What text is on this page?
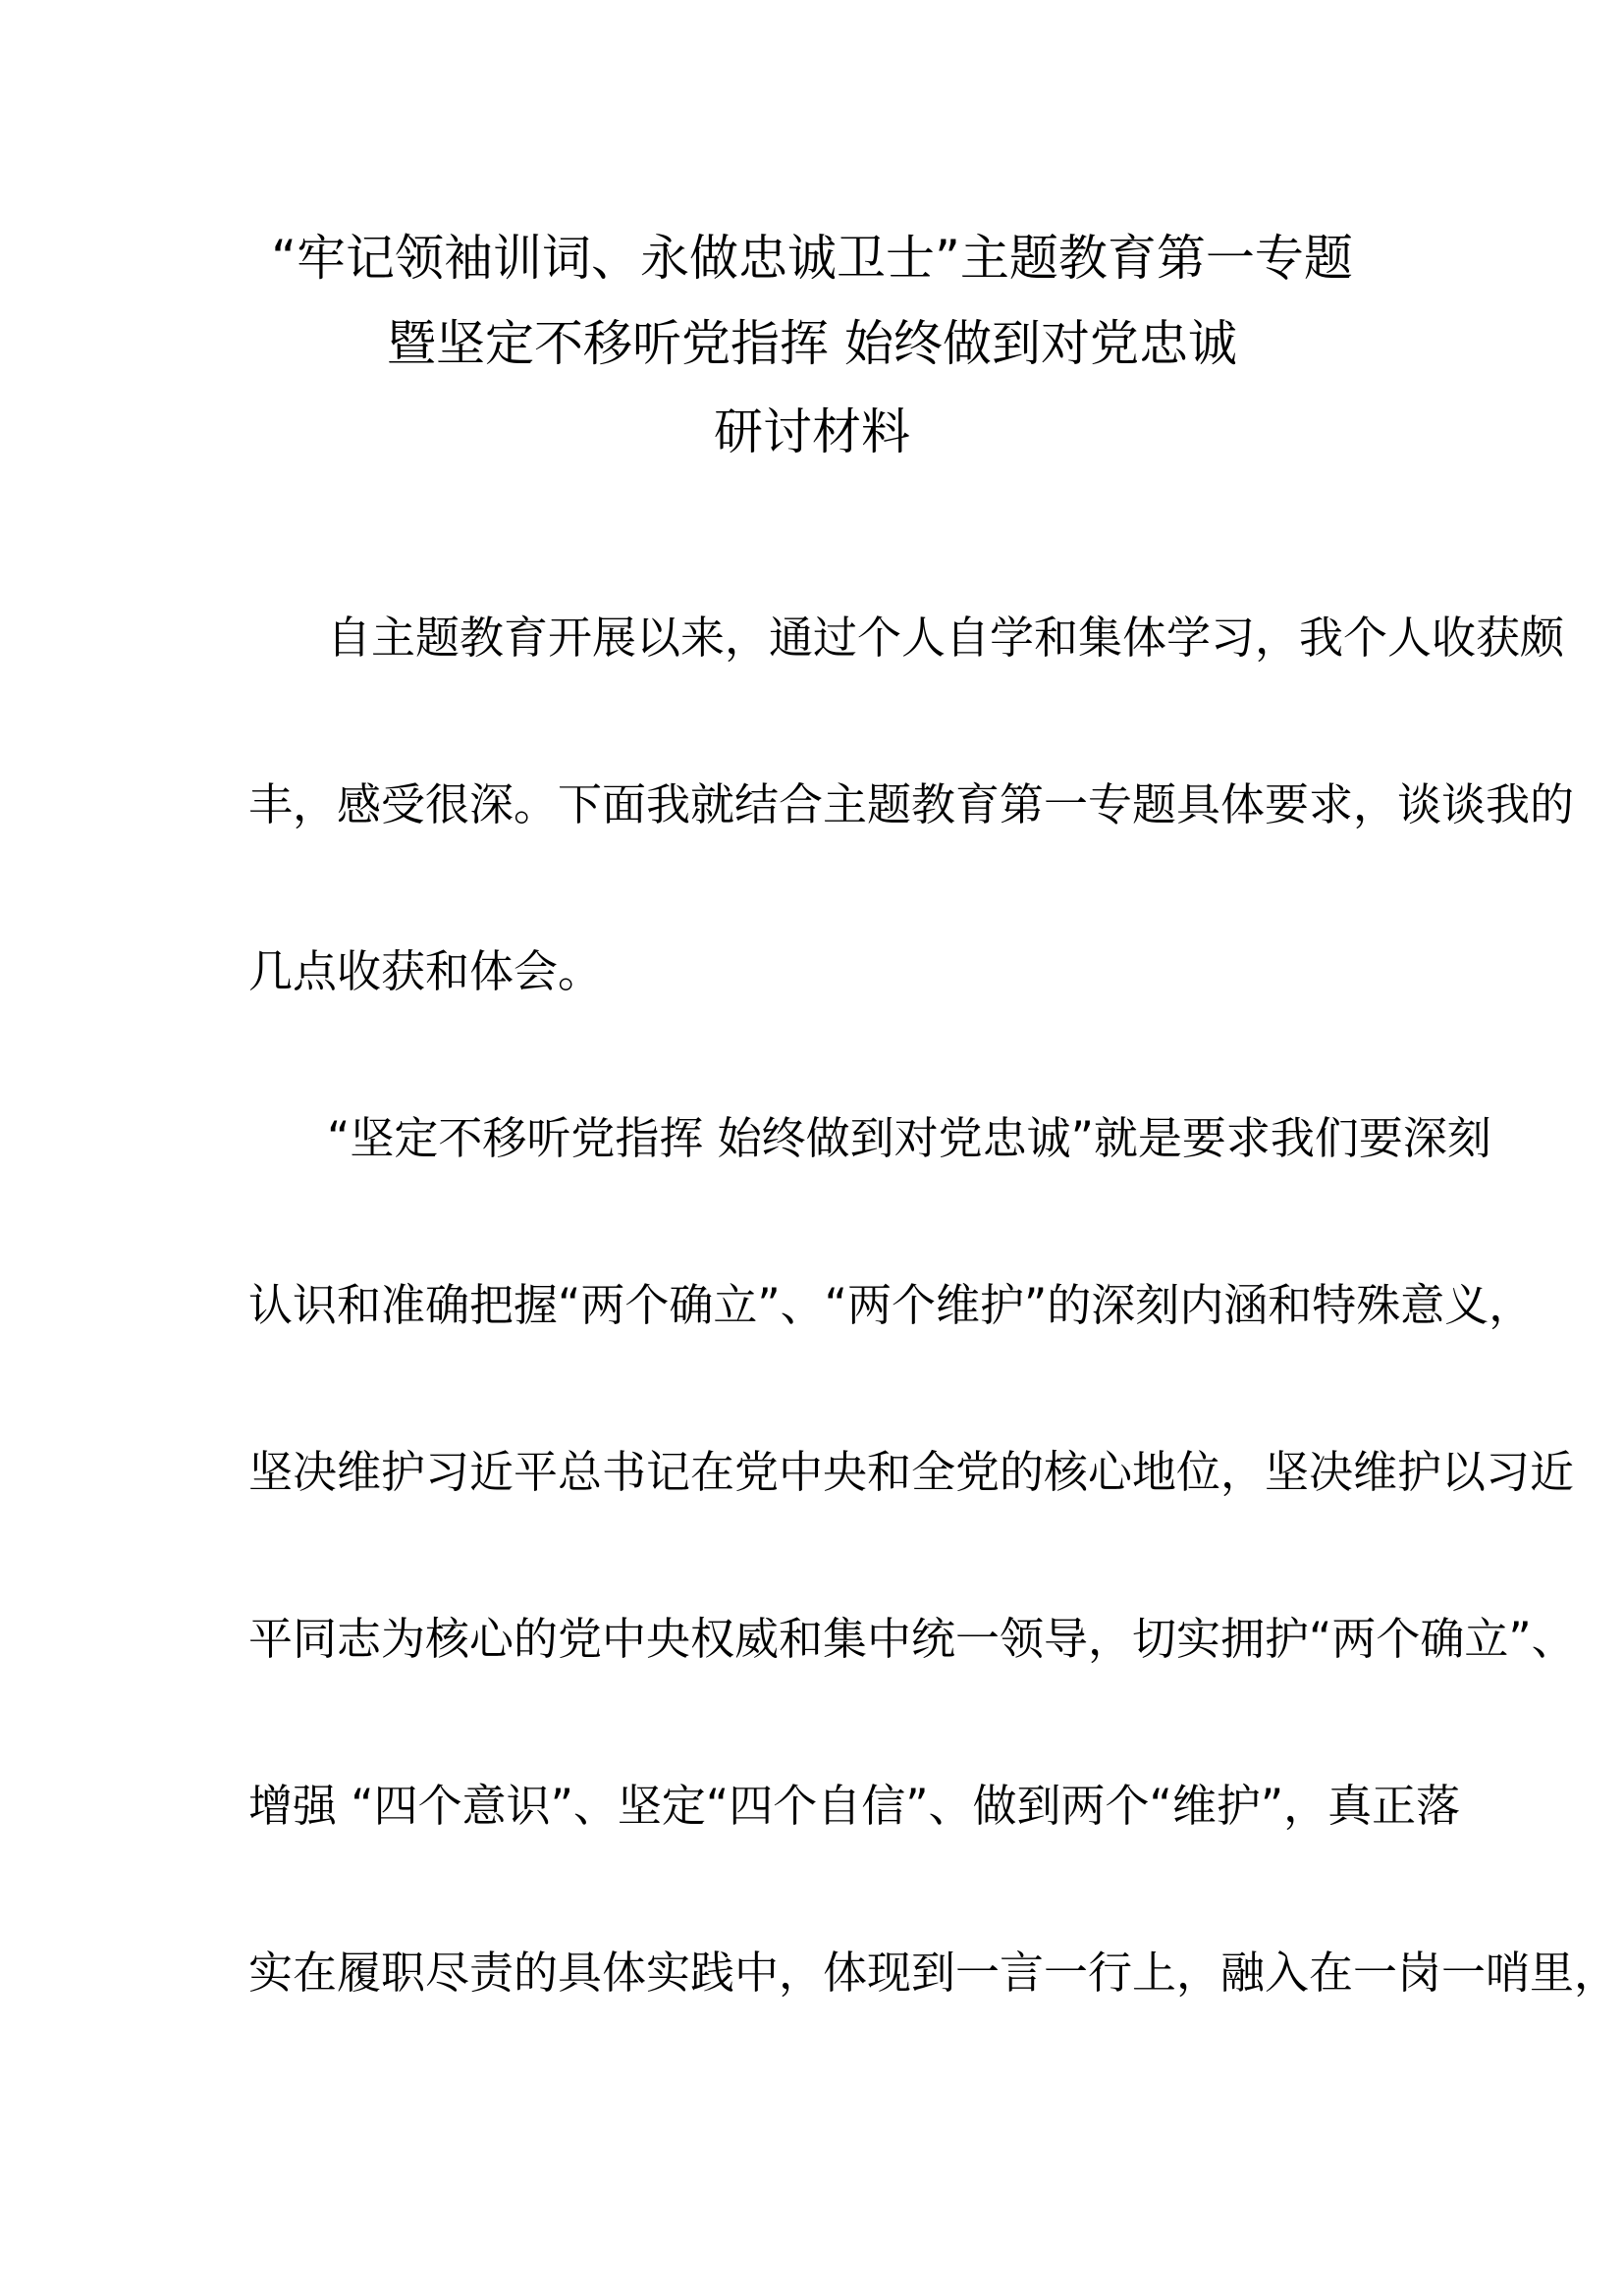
“牢记领袖训词、永做忠诚卫士”主题教育第一专题
暨坚定不移听党指挥 始终做到对党忠诚
研讨材料
自主题教育开展以来，通过个人自学和集体学习，我个人收获颇
丰，感受很深。下面我就结合主题教育第一专题具体要求，谈谈我的
几点收获和体会。
“坚定不移听党指挥 始终做到对党忠诚”就是要求我们要深刻
认识和准确把握“两个确立”、“两个维护”的深刻内涵和特殊意义，
坚决维护习近平总书记在党中央和全党的核心地位，坚决维护以习近
平同志为核心的党中央权威和集中统一领导，切实拥护“两个确立”、
增强 “四个意识”、坚定“四个自信”、做到两个“维护”，真正落
实在履职尽责的具体实践中，体现到一言一行上，融入在一岗一哨里，
